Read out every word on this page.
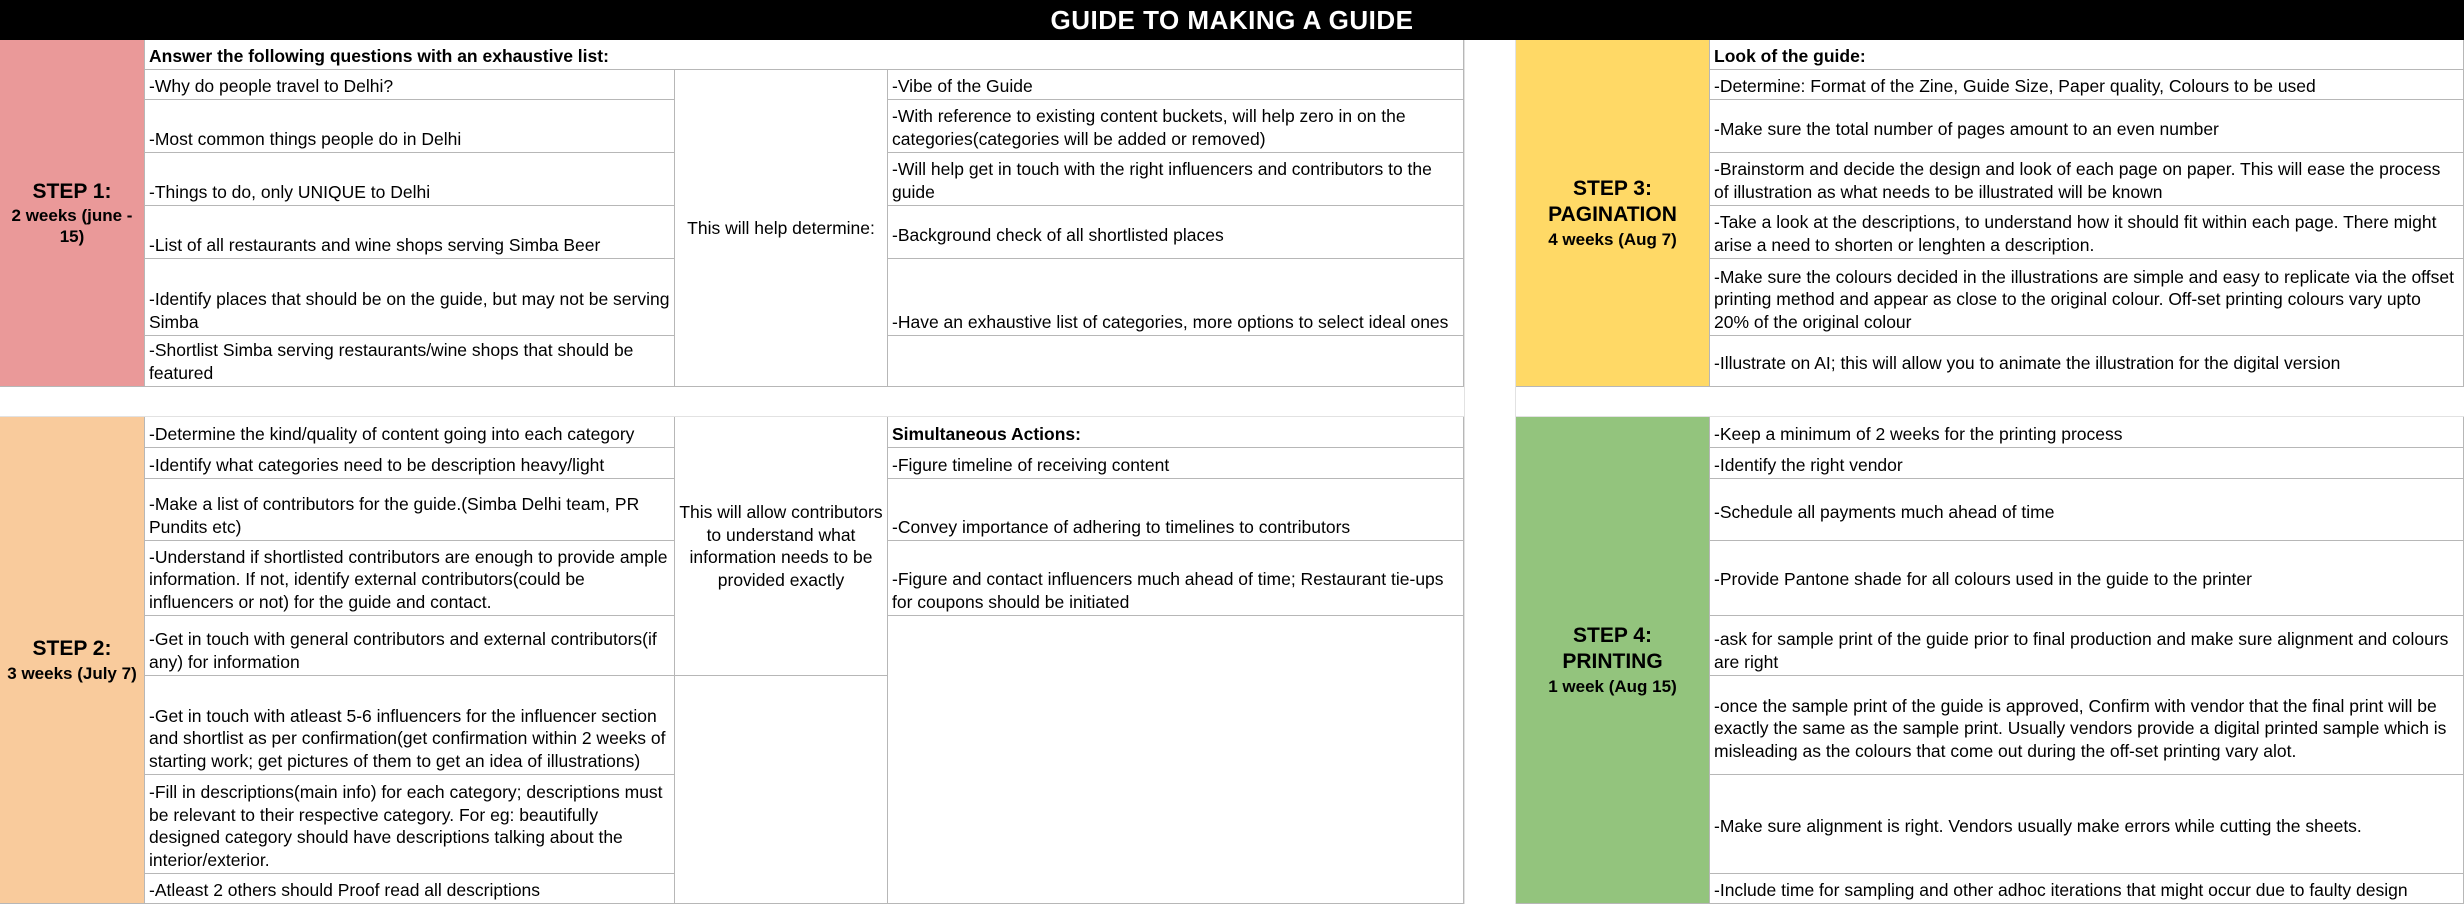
GUIDE TO MAKING A GUIDE
STEP 1:
2 weeks (june - 15)
Answer the following questions with an exhaustive list:
-Why do people travel to Delhi?
-Most common things people do in Delhi
-Things to do, only UNIQUE to Delhi
-List of all restaurants and wine shops serving Simba Beer
-Identify places that should be on the guide, but may not be serving Simba
-Shortlist Simba serving restaurants/wine shops that should be featured
This will help determine:
-Vibe of the Guide
-With reference to existing content buckets, will help zero in on the categories(categories will be added or removed)
-Will help get in touch with the right influencers and contributors to the guide
-Background check of all shortlisted places
-Have an exhaustive list of categories, more options to select ideal ones
STEP 3:
PAGINATION
4 weeks (Aug 7)
Look of the guide:
-Determine: Format of the Zine, Guide Size, Paper quality, Colours to be used
-Make sure the total number of pages amount to an even number
-Brainstorm and decide the design and look of each page on paper. This will ease the process of illustration as what needs to be illustrated will be known
-Take a look at the descriptions, to understand how it should fit within each page. There might arise a need to shorten or lenghten a description.
-Make sure the colours decided in the illustrations are simple and easy to replicate via the offset printing method and appear as close to the original colour. Off-set printing colours vary upto 20% of the original colour
-Illustrate on AI; this will allow you to animate the illustration for the digital version
STEP 2:
3 weeks (July 7)
-Determine the kind/quality of content going into each category
-Identify what categories need to be description heavy/light
-Make a list of contributors for the guide.(Simba Delhi team, PR Pundits etc)
-Understand if shortlisted contributors are enough to provide ample information. If not, identify external contributors(could be influencers or not) for the guide and contact.
-Get in touch with general contributors and external contributors(if any) for information
-Get in touch with atleast 5-6 influencers for the influencer section and shortlist as per confirmation(get confirmation within 2 weeks of starting work; get pictures of them to get an idea of illustrations)
-Fill in descriptions(main info) for each category; descriptions must be relevant to their respective category. For eg: beautifully designed category should have descriptions talking about the interior/exterior.
-Atleast 2 others should Proof read all descriptions
This will allow contributors to understand what information needs to be provided exactly
Simultaneous Actions:
-Figure timeline of receiving content
-Convey importance of adhering to timelines to contributors
-Figure and contact influencers much ahead of time; Restaurant tie-ups for coupons should be initiated
STEP 4:
PRINTING
1 week (Aug 15)
-Keep a minimum of 2 weeks for the printing process
-Identify the right vendor
-Schedule all payments much ahead of time
-Provide Pantone shade for all colours used in the guide to the printer
-ask for sample print of the guide prior to final production and make sure alignment and colours are right
-once the sample print of the guide is approved, Confirm with vendor that the final print will be exactly the same as the sample print. Usually vendors provide a digital printed sample which is misleading as the colours that come out during the off-set printing vary alot.
-Make sure alignment is right. Vendors usually make errors while cutting the sheets.
-Include time for sampling and other adhoc iterations that might occur due to faulty design
